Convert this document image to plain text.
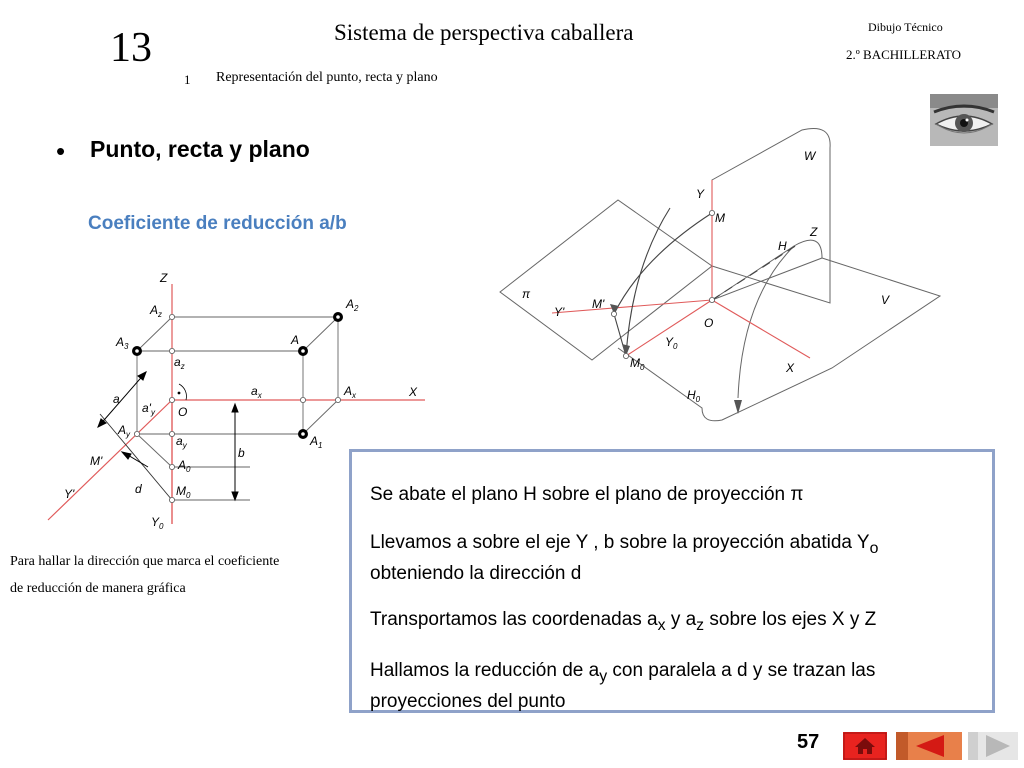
13	Sistema de perspectiva caballera	Dibujo Técnico
2.º BACHILLERATO
1 Representación del punto, recta y plano
• Punto, recta y plano
Coeficiente de reducción a/b
Z
$A_z$
$A_2$
$A_3$	A
$a_z$
$a_x$	$A_x$	X
a
$a'_y$ O
$A_y$	$a_y$	$A_1$
b
$A_0$
M'
d	$M_0$
Y'
$Y_0$
Para hallar la dirección que marca el coeficiente
de reducción de manera gráfica
W
Y
M
Z
H
π
M'
Y'
V
O
$Y_0$
$M_0$	X
$H_0$
Se abate el plano H sobre el plano de proyección π
Llevamos a sobre el eje Y , b sobre la proyección abatida $Y_o$
obteniendo la dirección d
Transportamos las coordenadas $a_x$ y $a_z$ sobre los ejes X y Z
Hallamos la reducción de $a_y$ con paralela a d y se trazan las
proyecciones del punto
57
